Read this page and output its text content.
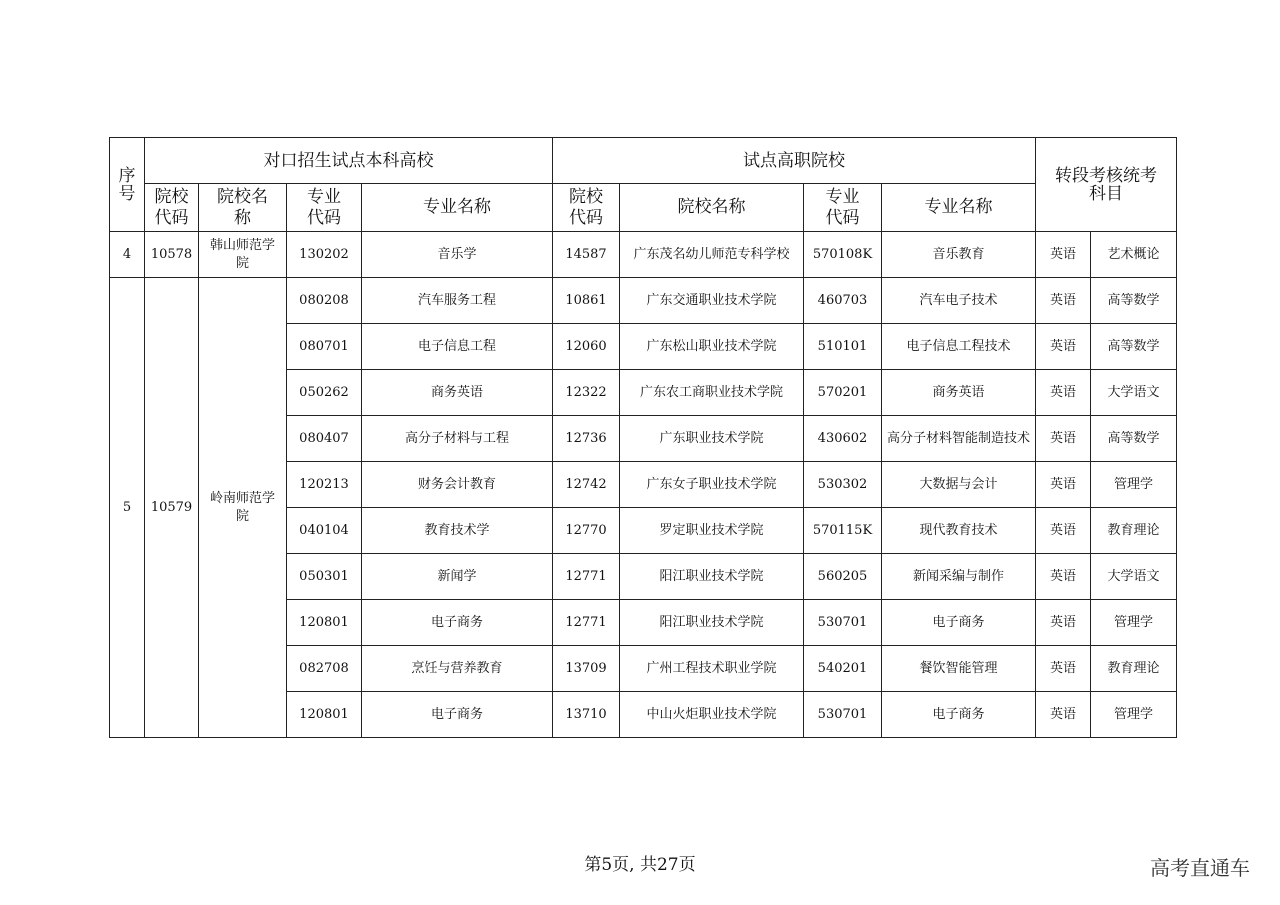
序号	对口招生试点本科高校				试点高职院校				转段考核统考科目	
	院校代码	院校名称	专业代码	专业名称	院校代码	院校名称	专业代码	专业名称		
4	10578	韩山师范学院	130202	音乐学	14587	广东茂名幼儿师范专科学校	570108K	音乐教育	英语	艺术概论
5	10579	岭南师范学院	080208	汽车服务工程	10861	广东交通职业技术学院	460703	汽车电子技术	英语	高等数学
			080701	电子信息工程	12060	广东松山职业技术学院	510101	电子信息工程技术	英语	高等数学
			050262	商务英语	12322	广东农工商职业技术学院	570201	商务英语	英语	大学语文
			080407	高分子材料与工程	12736	广东职业技术学院	430602	高分子材料智能制造技术	英语	高等数学
			120213	财务会计教育	12742	广东女子职业技术学院	530302	大数据与会计	英语	管理学
			040104	教育技术学	12770	罗定职业技术学院	570115K	现代教育技术	英语	教育理论
			050301	新闻学	12771	阳江职业技术学院	560205	新闻采编与制作	英语	大学语文
			120801	电子商务	12771	阳江职业技术学院	530701	电子商务	英语	管理学
			082708	烹饪与营养教育	13709	广州工程技术职业学院	540201	餐饮智能管理	英语	教育理论
			120801	电子商务	13710	中山火炬职业技术学院	530701	电子商务	英语	管理学
第5页, 共27页	高考直通车
